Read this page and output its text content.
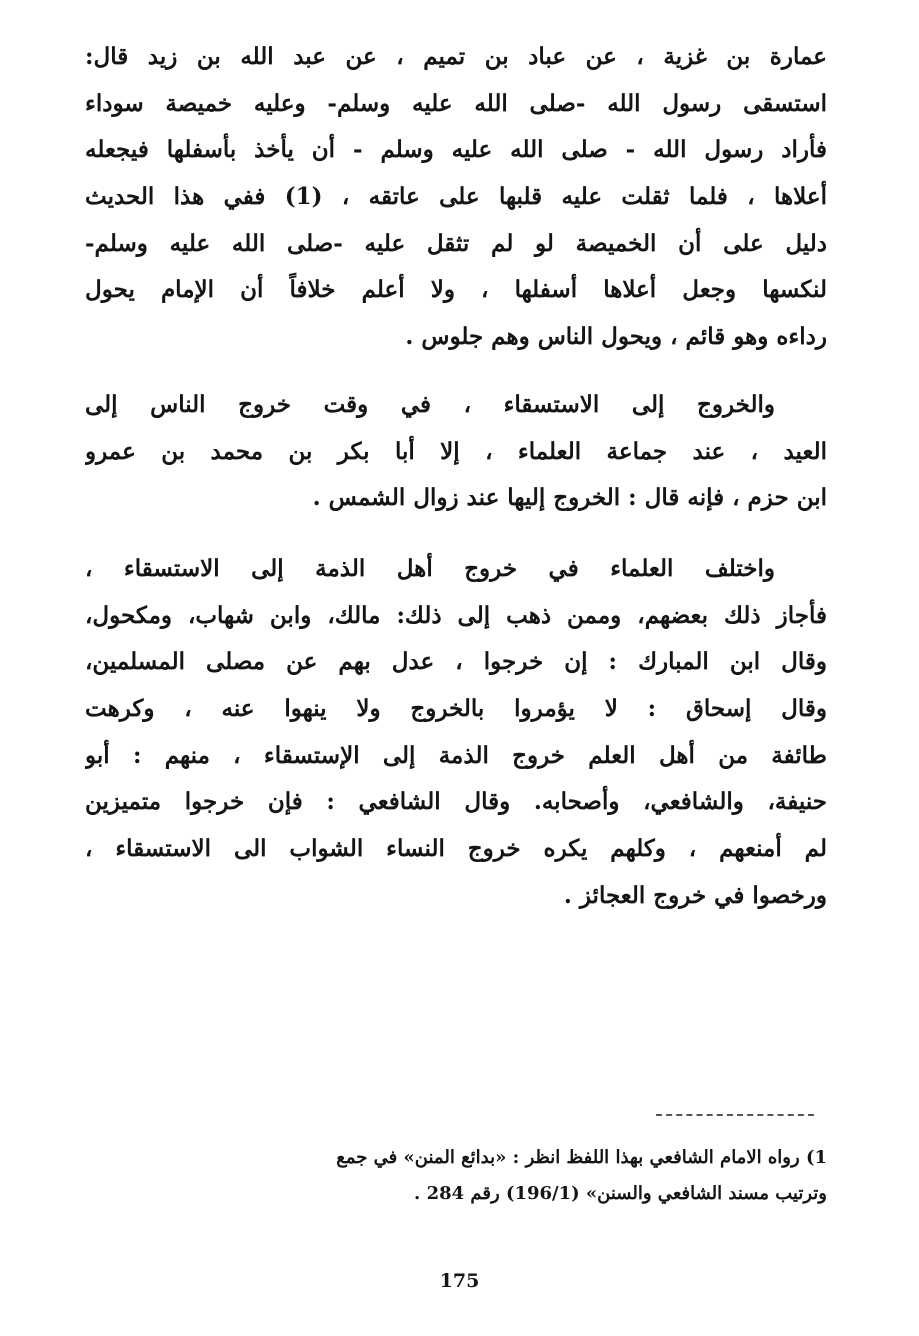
عمارة بن غزية ، عن عباد بن تميم ، عن عبد الله بن زيد قال:
استسقى رسول الله -صلى الله عليه وسلم- وعليه خميصة سوداء
فأراد رسول الله - صلى الله عليه وسلم - أن يأخذ بأسفلها فيجعله
أعلاها ، فلما ثقلت عليه قلبها على عاتقه ، (1) ففي هذا الحديث
دليل على أن الخميصة لو لم تثقل عليه -صلى الله عليه وسلم-
لنكسها وجعل أعلاها أسفلها ، ولا أعلم خلافاً أن الإمام يحول
رداءه وهو قائم ، ويحول الناس وهم جلوس .
والخروج إلى الاستسقاء ، في وقت خروج الناس إلى
العيد ، عند جماعة العلماء ، إلا أبا بكر بن محمد بن عمرو
ابن حزم ، فإنه قال : الخروج إليها عند زوال الشمس .
واختلف العلماء في خروج أهل الذمة إلى الاستسقاء ،
فأجاز ذلك بعضهم، وممن ذهب إلى ذلك: مالك، وابن شهاب، ومكحول،
وقال ابن المبارك : إن خرجوا ، عدل بهم عن مصلى المسلمين،
وقال إسحاق : لا يؤمروا بالخروج ولا ينهوا عنه ، وكرهت
طائفة من أهل العلم خروج الذمة إلى الإستسقاء ، منهم : أبو
حنيفة، والشافعي، وأصحابه. وقال الشافعي : فإن خرجوا متميزين
لم أمنعهم ، وكلهم يكره خروج النساء الشواب الى الاستسقاء ،
ورخصوا في خروج العجائز .
1) رواه الامام الشافعي بهذا اللفظ انظر : «بدائع المنن» في جمع
وترتيب مسند الشافعي والسنن» (196/1) رقم 284 .
175
